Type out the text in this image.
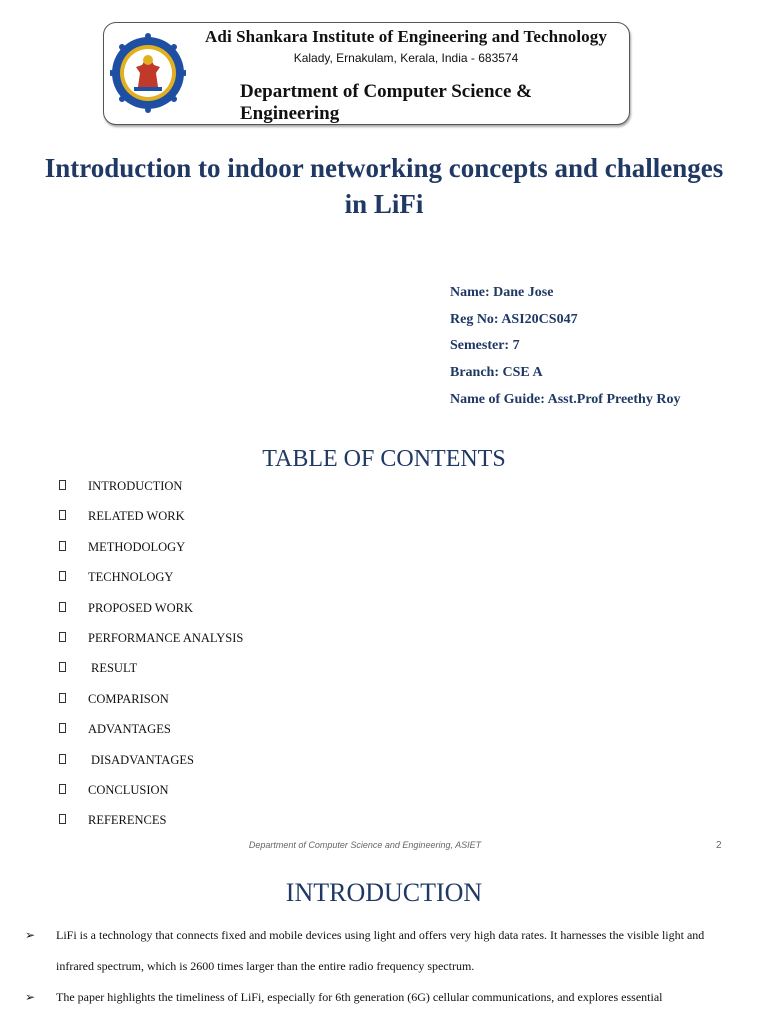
Adi Shankara Institute of Engineering and Technology
Kalady, Ernakulam, Kerala, India - 683574
Department of Computer Science & Engineering
Introduction to indoor networking concepts and challenges in LiFi
Name: Dane Jose
Reg No: ASI20CS047
Semester: 7
Branch: CSE A
Name of Guide: Asst.Prof Preethy Roy
TABLE OF CONTENTS
INTRODUCTION
RELATED WORK
METHODOLOGY
TECHNOLOGY
PROPOSED WORK
PERFORMANCE ANALYSIS
RESULT
COMPARISON
ADVANTAGES
DISADVANTAGES
CONCLUSION
REFERENCES
Department of Computer Science and Engineering, ASIET	2
INTRODUCTION
➢ LiFi is a technology that connects fixed and mobile devices using light and offers very high data rates. It harnesses the visible light and infrared spectrum, which is 2600 times larger than the entire radio frequency spectrum.
➢ The paper highlights the timeliness of LiFi, especially for 6th generation (6G) cellular communications, and explores essential
